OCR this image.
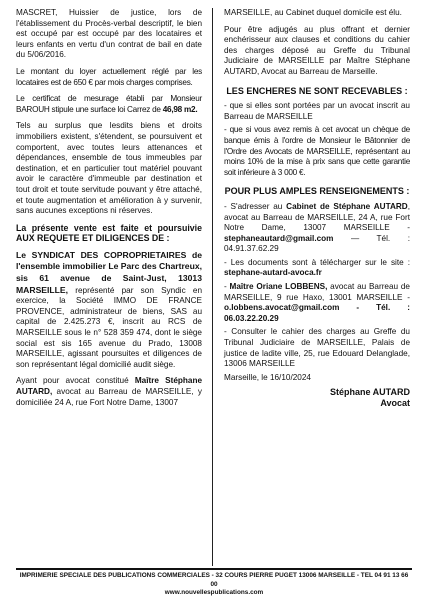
MASCRET, Huissier de justice, lors de l'établissement du Procès-verbal descriptif, le bien est occupé par est occupé par des locataires et leurs enfants en vertu d'un contrat de bail en date du 5/06/2016.

Le montant du loyer actuellement réglé par les locataires est de 650 € par mois charges comprises.

Le certificat de mesurage établi par Monsieur BAROUH stipule une surface loi Carrez de 46,98 m2.

Tels au surplus que lesdits biens et droits immobiliers existent, s'étendent, se poursuivent et comportent, avec toutes leurs attenances et dépendances, ensemble de tous immeubles par destination, et en particulier tout matériel pouvant avoir le caractère d'immeuble par destination et tout droit et toute servitude pouvant y être attaché, et toute augmentation et amélioration à y survenir, sans aucunes exceptions ni réserves.

La présente vente est faite et poursuivie AUX REQUETE ET DILIGENCES DE :

Le SYNDICAT DES COPROPRIETAIRES de l'ensemble immobilier Le Parc des Chartreux, sis 61 avenue de Saint-Just, 13013 MARSEILLE, représenté par son Syndic en exercice, la Société IMMO DE FRANCE PROVENCE, administrateur de biens, SAS au capital de 2.425.273 €, inscrit au RCS de MARSEILLE sous le n° 528 359 474, dont le siège social est sis 165 avenue du Prado, 13008 MARSEILLE, agissant poursuites et diligences de son représentant légal domicilié audit siège.

Ayant pour avocat constitué Maître Stéphane AUTARD, avocat au Barreau de MARSEILLE, y domiciliée 24 A, rue Fort Notre Dame, 13007

MARSEILLE, au Cabinet duquel domicile est élu.

Pour être adjugés au plus offrant et dernier enchérisseur aux clauses et conditions du cahier des charges déposé au Greffe du Tribunal Judiciaire de MARSEILLE par Maître Stéphane AUTARD, Avocat au Barreau de Marseille.

LES ENCHERES NE SONT RECEVABLES :

- que si elles sont portées par un avocat inscrit au Barreau de MARSEILLE

- que si vous avez remis à cet avocat un chèque de banque émis à l'ordre de Monsieur le Bâtonnier de l'Ordre des Avocats de MARSEILLE, représentant au moins 10% de la mise à prix sans que cette garantie soit inférieure à 3 000 €.

POUR PLUS AMPLES RENSEIGNEMENTS :

- S'adresser au Cabinet de Stéphane AUTARD, avocat au Barreau de MARSEILLE, 24 A, rue Fort Notre Dame, 13007 MARSEILLE - stephaneautard@gmail.com — Tél. : 04.91.37.62.29

- Les documents sont à télécharger sur le site : stephane-autard-avoca.fr

- Maître Oriane LOBBENS, avocat au Barreau de MARSEILLE, 9 rue Haxo, 13001 MARSEILLE - o.lobbens.avocat@gmail.com - Tél. : 06.03.22.20.29

- Consulter le cahier des charges au Greffe du Tribunal Judiciaire de MARSEILLE, Palais de justice de ladite ville, 25, rue Edouard Delanglade, 13006 MARSEILLE

Marseille, le 16/10/2024

Stéphane AUTARD
Avocat
IMPRIMERIE SPECIALE DES PUBLICATIONS COMMERCIALES - 32 COURS PIERRE PUGET 13006 MARSEILLE - TEL 04 91 13 66 00
www.nouvellespublications.com
